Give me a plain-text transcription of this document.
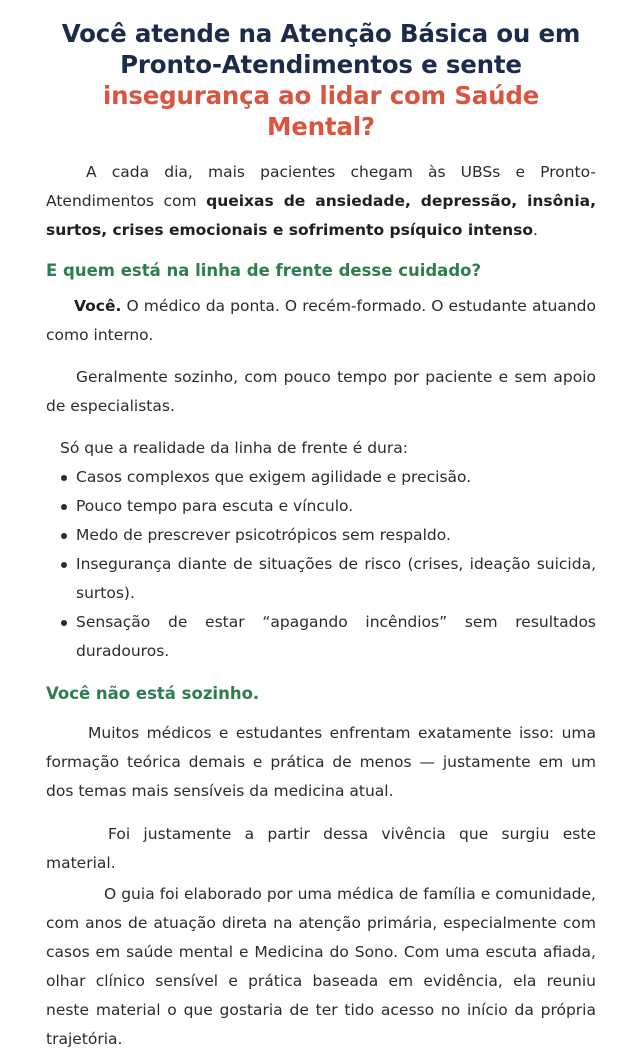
Você atende na Atenção Básica ou em
Pronto-Atendimentos e sente
insegurança ao lidar com Saúde Mental?

A cada dia, mais pacientes chegam às UBSs e Pronto-Atendimentos com queixas de ansiedade, depressão, insônia, surtos, crises emocionais e sofrimento psíquico intenso.

E quem está na linha de frente desse cuidado?

Você. O médico da ponta. O recém-formado. O estudante atuando como interno.

Geralmente sozinho, com pouco tempo por paciente e sem apoio de especialistas.

Só que a realidade da linha de frente é dura:

Casos complexos que exigem agilidade e precisão.
Pouco tempo para escuta e vínculo.
Medo de prescrever psicotrópicos sem respaldo.
Insegurança diante de situações de risco (crises, ideação suicida, surtos).
Sensação de estar “apagando incêndios” sem resultados duradouros.
Você não está sozinho.

Muitos médicos e estudantes enfrentam exatamente isso: uma formação teórica demais e prática de menos — justamente em um dos temas mais sensíveis da medicina atual.

Foi justamente a partir dessa vivência que surgiu este material.

O guia foi elaborado por uma médica de família e comunidade, com anos de atuação direta na atenção primária, especialmente com casos em saúde mental e Medicina do Sono. Com uma escuta afiada, olhar clínico sensível e prática baseada em evidência, ela reuniu neste material o que gostaria de ter tido acesso no início da própria trajetória.
